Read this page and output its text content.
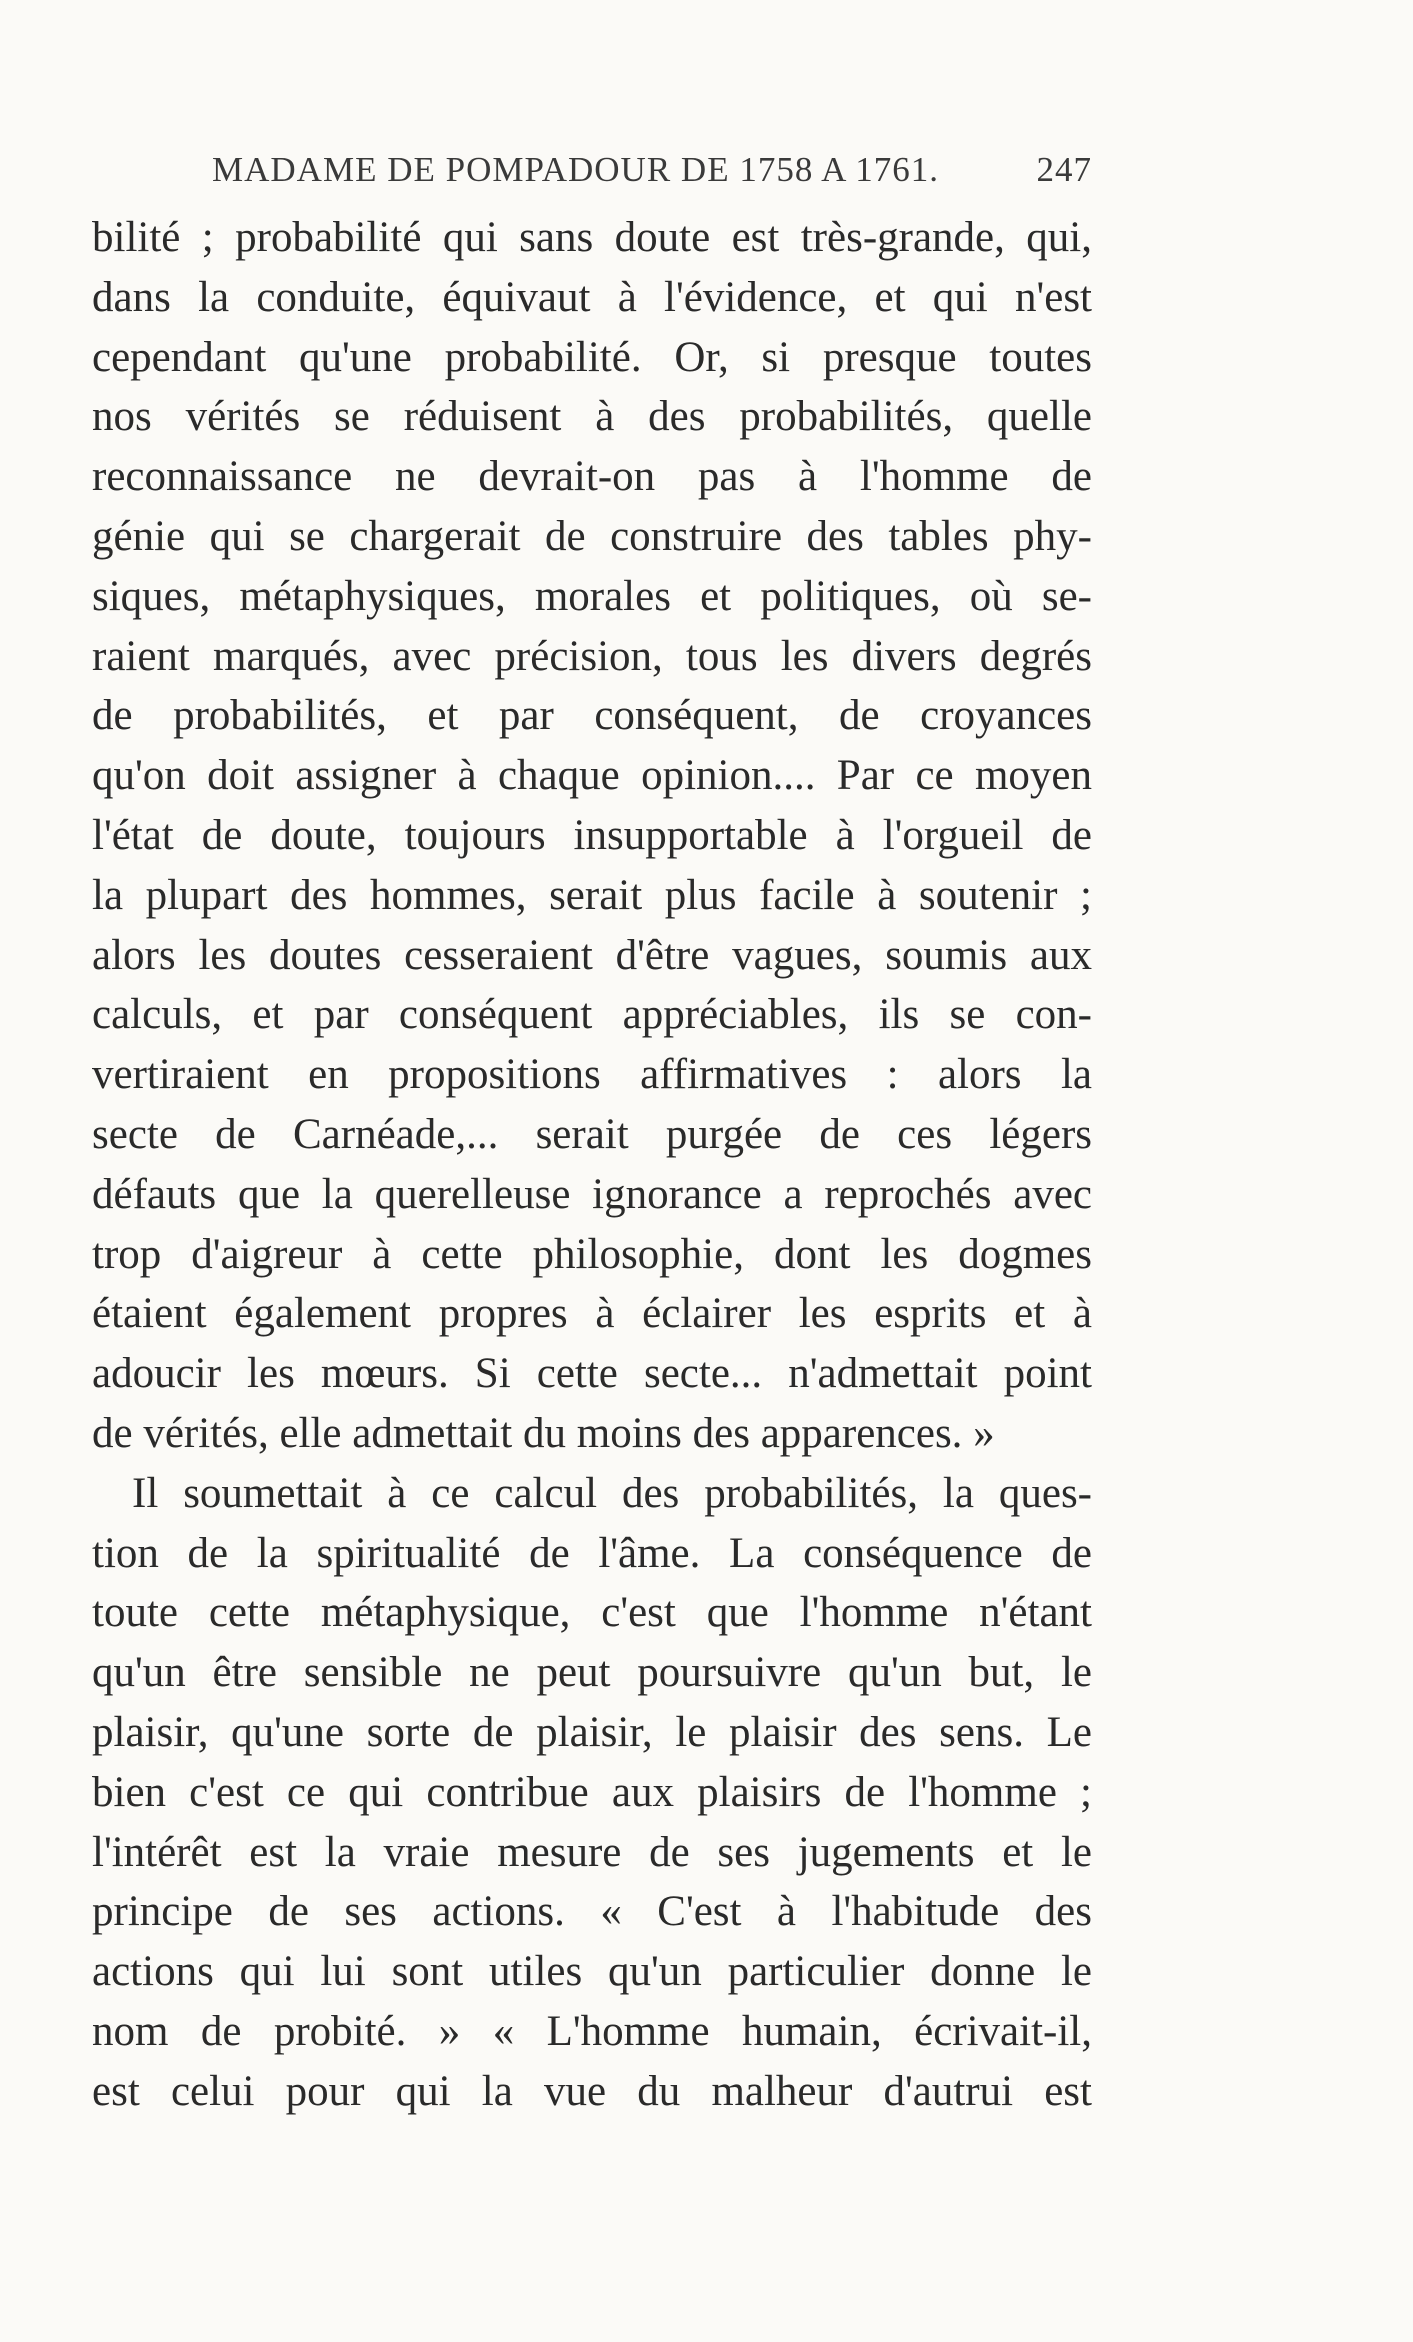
MADAME DE POMPADOUR DE 1758 A 1761.	247
bilité ; probabilité qui sans doute est très-grande, qui,
dans la conduite, équivaut à l'évidence, et qui n'est
cependant qu'une probabilité. Or, si presque toutes
nos vérités se réduisent à des probabilités, quelle
reconnaissance ne devrait-on pas à l'homme de
génie qui se chargerait de construire des tables phy-
siques, métaphysiques, morales et politiques, où se-
raient marqués, avec précision, tous les divers degrés
de probabilités, et par conséquent, de croyances
qu'on doit assigner à chaque opinion.... Par ce moyen
l'état de doute, toujours insupportable à l'orgueil de
la plupart des hommes, serait plus facile à soutenir ;
alors les doutes cesseraient d'être vagues, soumis aux
calculs, et par conséquent appréciables, ils se con-
vertiraient en propositions affirmatives : alors la
secte de Carnéade,... serait purgée de ces légers
défauts que la querelleuse ignorance a reprochés avec
trop d'aigreur à cette philosophie, dont les dogmes
étaient également propres à éclairer les esprits et à
adoucir les mœurs. Si cette secte... n'admettait point
de vérités, elle admettait du moins des apparences. »
Il soumettait à ce calcul des probabilités, la ques-
tion de la spiritualité de l'âme. La conséquence de
toute cette métaphysique, c'est que l'homme n'étant
qu'un être sensible ne peut poursuivre qu'un but, le
plaisir, qu'une sorte de plaisir, le plaisir des sens. Le
bien c'est ce qui contribue aux plaisirs de l'homme ;
l'intérêt est la vraie mesure de ses jugements et le
principe de ses actions. « C'est à l'habitude des
actions qui lui sont utiles qu'un particulier donne le
nom de probité. » « L'homme humain, écrivait-il,
est celui pour qui la vue du malheur d'autrui est
